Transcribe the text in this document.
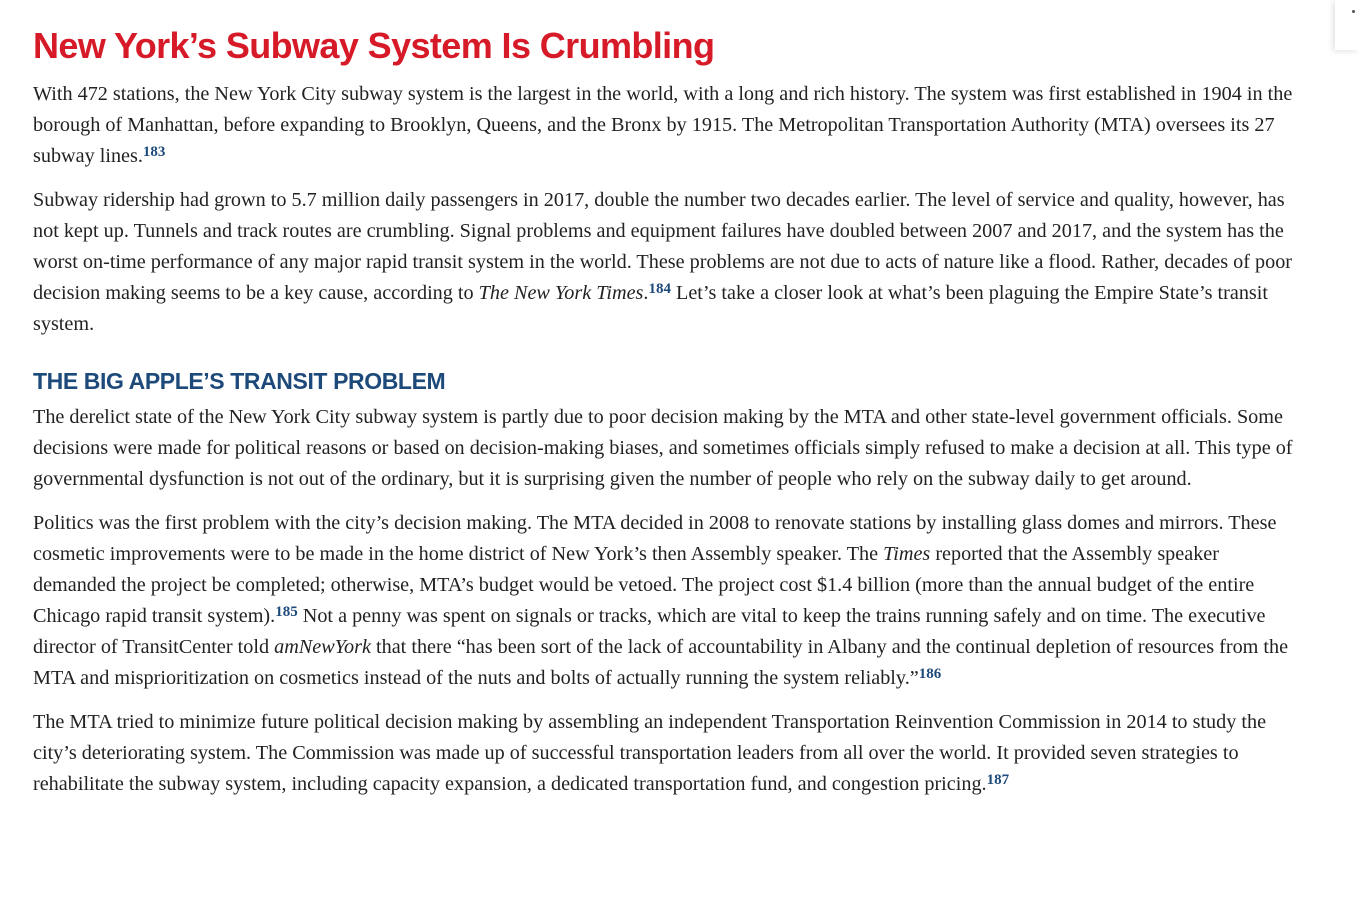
New York’s Subway System Is Crumbling

With 472 stations, the New York City subway system is the largest in the world, with a long and rich history. The system was first established in 1904 in the borough of Manhattan, before expanding to Brooklyn, Queens, and the Bronx by 1915. The Metropolitan Transportation Authority (MTA) oversees its 27 subway lines.$^{183}$

Subway ridership had grown to 5.7 million daily passengers in 2017, double the number two decades earlier. The level of service and quality, however, has not kept up. Tunnels and track routes are crumbling. Signal problems and equipment failures have doubled between 2007 and 2017, and the system has the worst on-time performance of any major rapid transit system in the world. These problems are not due to acts of nature like a flood. Rather, decades of poor decision making seems to be a key cause, according to The New York Times.$^{184}$ Let’s take a closer look at what’s been plaguing the Empire State’s transit system.

THE BIG APPLE’S TRANSIT PROBLEM

The derelict state of the New York City subway system is partly due to poor decision making by the MTA and other state-level government officials. Some decisions were made for political reasons or based on decision-making biases, and sometimes officials simply refused to make a decision at all. This type of governmental dysfunction is not out of the ordinary, but it is surprising given the number of people who rely on the subway daily to get around.

Politics was the first problem with the city’s decision making. The MTA decided in 2008 to renovate stations by installing glass domes and mirrors. These cosmetic improvements were to be made in the home district of New York’s then Assembly speaker. The Times reported that the Assembly speaker demanded the project be completed; otherwise, MTA’s budget would be vetoed. The project cost $1.4 billion (more than the annual budget of the entire Chicago rapid transit system).$^{185}$ Not a penny was spent on signals or tracks, which are vital to keep the trains running safely and on time. The executive director of TransitCenter told amNewYork that there “has been sort of the lack of accountability in Albany and the continual depletion of resources from the MTA and misprioritization on cosmetics instead of the nuts and bolts of actually running the system reliably.”$^{186}$

The MTA tried to minimize future political decision making by assembling an independent Transportation Reinvention Commission in 2014 to study the city’s deteriorating system. The Commission was made up of successful transportation leaders from all over the world. It provided seven strategies to rehabilitate the subway system, including capacity expansion, a dedicated transportation fund, and congestion pricing.$^{187}$
